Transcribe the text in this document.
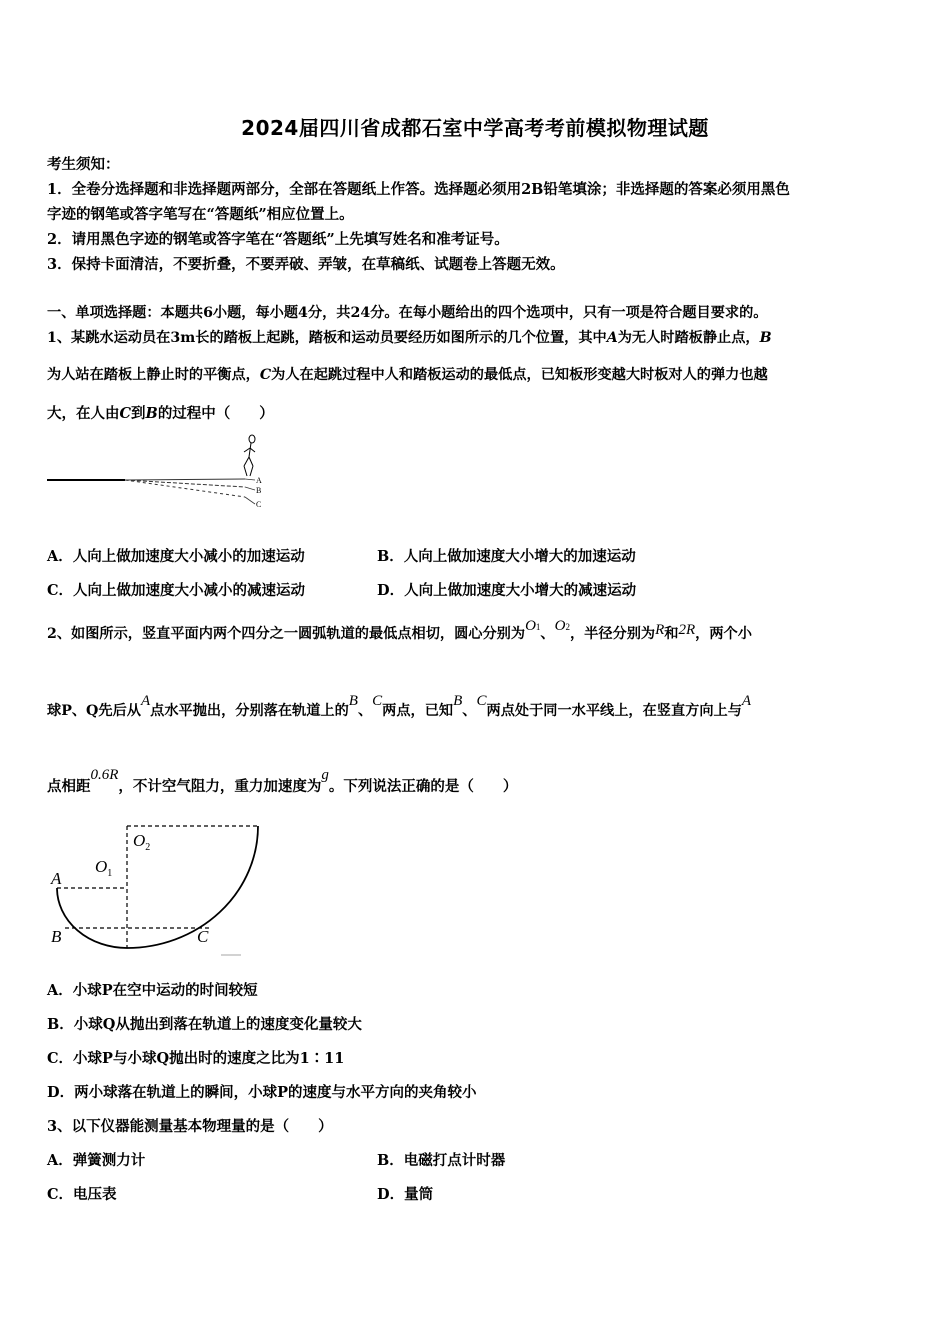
2024届四川省成都石室中学高考考前模拟物理试题
考生须知：
1．全卷分选择题和非选择题两部分，全部在答题纸上作答。选择题必须用2B铅笔填涂；非选择题的答案必须用黑色
字迹的钢笔或答字笔写在“答题纸”相应位置上。
2．请用黑色字迹的钢笔或答字笔在“答题纸”上先填写姓名和准考证号。
3．保持卡面清洁，不要折叠，不要弄破、弄皱，在草稿纸、试题卷上答题无效。
一、单项选择题：本题共6小题，每小题4分，共24分。在每小题给出的四个选项中，只有一项是符合题目要求的。
1、某跳水运动员在3m长的踏板上起跳，踏板和运动员要经历如图所示的几个位置，其中A为无人时踏板静止点，B
为人站在踏板上静止时的平衡点，C为人在起跳过程中人和踏板运动的最低点，已知板形变越大时板对人的弹力也越
大，在人由C到B的过程中（　　）
A
B
C
A．人向上做加速度大小减小的加速运动	B．人向上做加速度大小增大的加速运动
C．人向上做加速度大小减小的减速运动	D．人向上做加速度大小增大的减速运动
2、如图所示，竖直平面内两个四分之一圆弧轨道的最低点相切，圆心分别为O1、O2，半径分别为R和2R，两个小
球P、Q先后从A点水平抛出，分别落在轨道上的B、C两点，已知B、C两点处于同一水平线上，在竖直方向上与A
点相距0.6R，不计空气阻力，重力加速度为g。下列说法正确的是（　　）
A
B	C
$O_1$
$O_2$
A．小球P在空中运动的时间较短
B．小球Q从抛出到落在轨道上的速度变化量较大
C．小球P与小球Q抛出时的速度之比为1∶11
D．两小球落在轨道上的瞬间，小球P的速度与水平方向的夹角较小
3、以下仪器能测量基本物理量的是（　　）
A．弹簧测力计	B．电磁打点计时器
C．电压表	D．量筒
